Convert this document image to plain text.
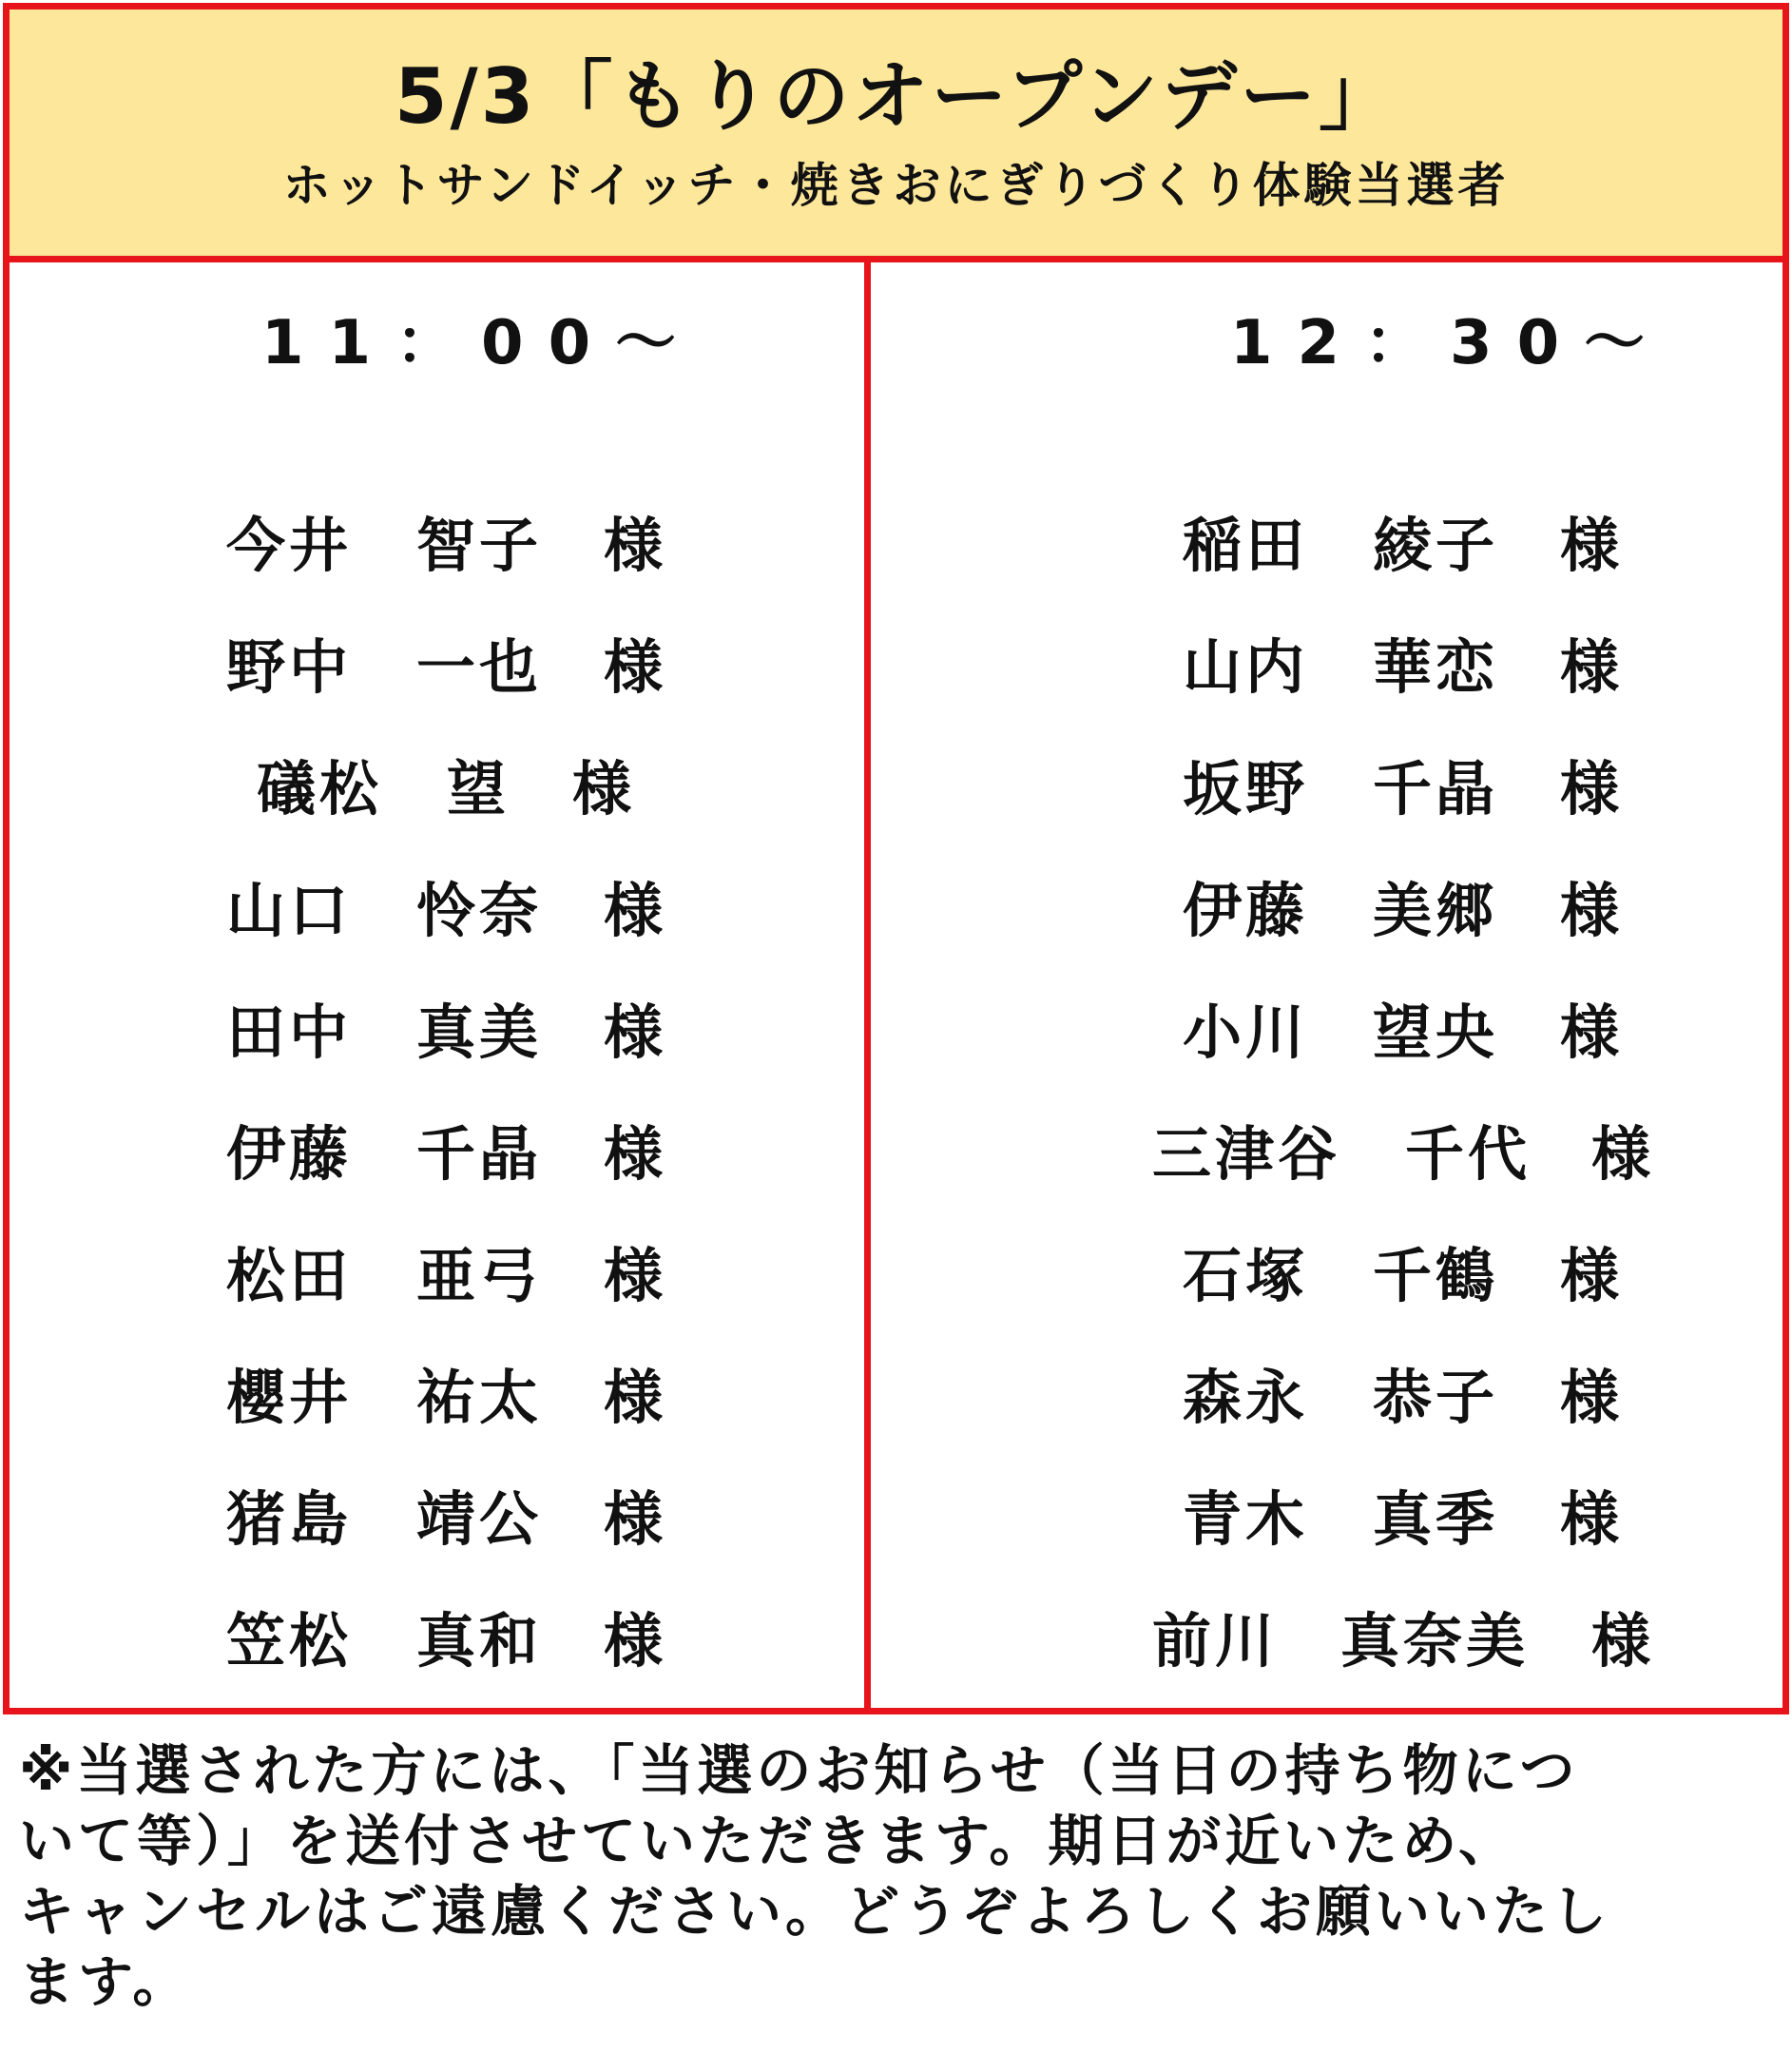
5/3「もりのオープンデー」
ホットサンドイッチ・焼きおにぎりづくり体験当選者
11：00～
今井 智子 様
野中 一也 様
礒松 望 様
山口 怜奈 様
田中 真美 様
伊藤 千晶 様
松田 亜弓 様
櫻井 祐太 様
猪島 靖公 様
笠松 真和 様
12：30～
稲田 綾子 様
山内 華恋 様
坂野 千晶 様
伊藤 美郷 様
小川 望央 様
三津谷 千代 様
石塚 千鶴 様
森永 恭子 様
青木 真季 様
前川 真奈美 様
※当選された方には、「当選のお知らせ（当日の持ち物につ
いて等）」を送付させていただきます。期日が近いため、
キャンセルはご遠慮ください。どうぞよろしくお願いいたし
ます。
